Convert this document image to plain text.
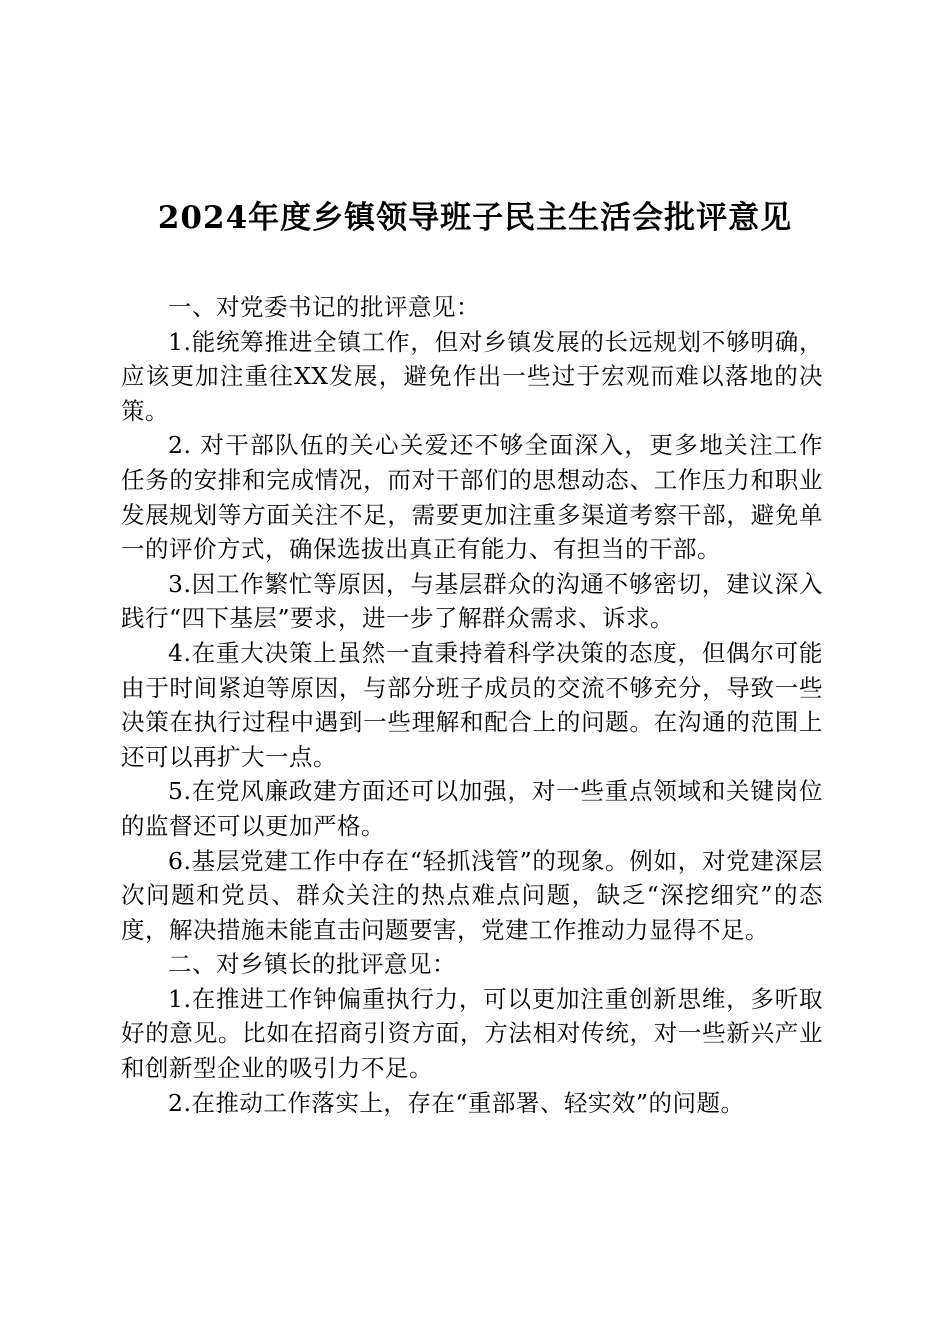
2024年度乡镇领导班子民主生活会批评意见

一、对党委书记的批评意见：

1.能统筹推进全镇工作，但对乡镇发展的长远规划不够明确，应该更加注重往XX发展，避免作出一些过于宏观而难以落地的决策。

2. 对干部队伍的关心关爱还不够全面深入，更多地关注工作任务的安排和完成情况，而对干部们的思想动态、工作压力和职业发展规划等方面关注不足，需要更加注重多渠道考察干部，避免单一的评价方式，确保选拔出真正有能力、有担当的干部。

3.因工作繁忙等原因，与基层群众的沟通不够密切，建议深入践行“四下基层”要求，进一步了解群众需求、诉求。

4.在重大决策上虽然一直秉持着科学决策的态度，但偶尔可能由于时间紧迫等原因，与部分班子成员的交流不够充分，导致一些决策在执行过程中遇到一些理解和配合上的问题。在沟通的范围上还可以再扩大一点。

5.在党风廉政建方面还可以加强，对一些重点领域和关键岗位的监督还可以更加严格。

6.基层党建工作中存在“轻抓浅管”的现象。例如，对党建深层次问题和党员、群众关注的热点难点问题，缺乏“深挖细究”的态度，解决措施未能直击问题要害，党建工作推动力显得不足。

二、对乡镇长的批评意见：

1.在推进工作钟偏重执行力，可以更加注重创新思维，多听取好的意见。比如在招商引资方面，方法相对传统，对一些新兴产业和创新型企业的吸引力不足。

2.在推动工作落实上，存在“重部署、轻实效”的问题。
